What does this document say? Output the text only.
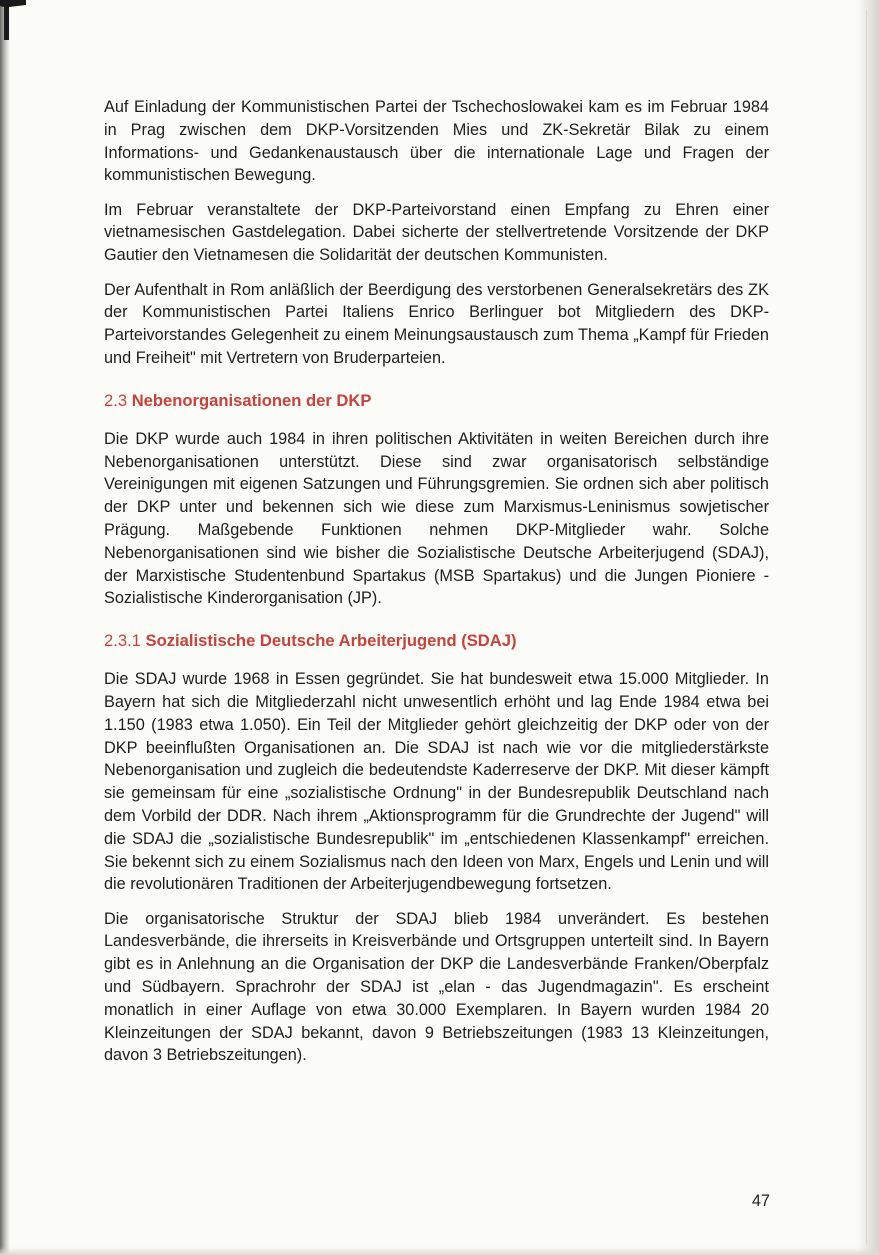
Auf Einladung der Kommunistischen Partei der Tschechoslowakei kam es im Februar 1984 in Prag zwischen dem DKP-Vorsitzenden Mies und ZK-Sekretär Bilak zu einem Informations- und Gedankenaustausch über die internationale Lage und Fragen der kommunistischen Bewegung.

Im Februar veranstaltete der DKP-Parteivorstand einen Empfang zu Ehren einer vietnamesischen Gastdelegation. Dabei sicherte der stellvertretende Vorsitzende der DKP Gautier den Vietnamesen die Solidarität der deutschen Kommunisten.

Der Aufenthalt in Rom anläßlich der Beerdigung des verstorbenen Generalsekretärs des ZK der Kommunistischen Partei Italiens Enrico Berlinguer bot Mitgliedern des DKP-Parteivorstandes Gelegenheit zu einem Meinungsaustausch zum Thema „Kampf für Frieden und Freiheit" mit Vertretern von Bruderparteien.

2.3 Nebenorganisationen der DKP

Die DKP wurde auch 1984 in ihren politischen Aktivitäten in weiten Bereichen durch ihre Nebenorganisationen unterstützt. Diese sind zwar organisatorisch selbständige Vereinigungen mit eigenen Satzungen und Führungsgremien. Sie ordnen sich aber politisch der DKP unter und bekennen sich wie diese zum Marxismus-Leninismus sowjetischer Prägung. Maßgebende Funktionen nehmen DKP-Mitglieder wahr. Solche Nebenorganisationen sind wie bisher die Sozialistische Deutsche Arbeiterjugend (SDAJ), der Marxistische Studentenbund Spartakus (MSB Spartakus) und die Jungen Pioniere - Sozialistische Kinderorganisation (JP).

2.3.1 Sozialistische Deutsche Arbeiterjugend (SDAJ)

Die SDAJ wurde 1968 in Essen gegründet. Sie hat bundesweit etwa 15.000 Mitglieder. In Bayern hat sich die Mitgliederzahl nicht unwesentlich erhöht und lag Ende 1984 etwa bei 1.150 (1983 etwa 1.050). Ein Teil der Mitglieder gehört gleichzeitig der DKP oder von der DKP beeinflußten Organisationen an. Die SDAJ ist nach wie vor die mitgliederstärkste Nebenorganisation und zugleich die bedeutendste Kaderreserve der DKP. Mit dieser kämpft sie gemeinsam für eine „sozialistische Ordnung" in der Bundesrepublik Deutschland nach dem Vorbild der DDR. Nach ihrem „Aktionsprogramm für die Grundrechte der Jugend" will die SDAJ die „sozialistische Bundesrepublik" im „entschiedenen Klassenkampf" erreichen. Sie bekennt sich zu einem Sozialismus nach den Ideen von Marx, Engels und Lenin und will die revolutionären Traditionen der Arbeiterjugendbewegung fortsetzen.

Die organisatorische Struktur der SDAJ blieb 1984 unverändert. Es bestehen Landesverbände, die ihrerseits in Kreisverbände und Ortsgruppen unterteilt sind. In Bayern gibt es in Anlehnung an die Organisation der DKP die Landesverbände Franken/Oberpfalz und Südbayern. Sprachrohr der SDAJ ist „elan - das Jugendmagazin". Es erscheint monatlich in einer Auflage von etwa 30.000 Exemplaren. In Bayern wurden 1984 20 Kleinzeitungen der SDAJ bekannt, davon 9 Betriebszeitungen (1983 13 Kleinzeitungen, davon 3 Betriebszeitungen).

47
